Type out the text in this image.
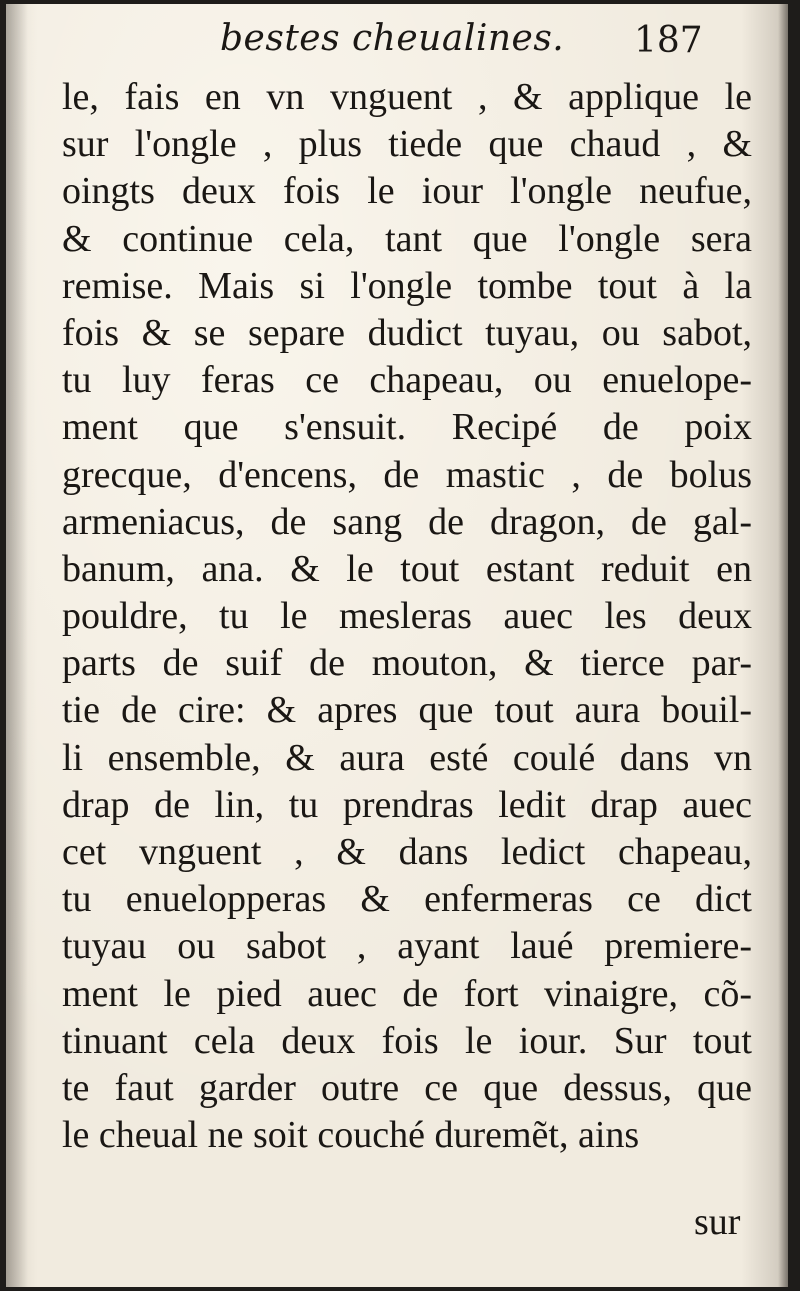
bestes cheualines. 187
le, fais en vn vnguent , & applique le
sur l'ongle , plus tiede que chaud , &
oingts deux fois le iour l'ongle neufue,
& continue cela, tant que l'ongle sera
remise. Mais si l'ongle tombe tout à la
fois & se separe dudict tuyau, ou sabot,
tu luy feras ce chapeau, ou enuelope-
ment que s'ensuit. Recipé de poix
grecque, d'encens, de mastic , de bolus
armeniacus, de sang de dragon, de gal-
banum, ana. & le tout estant reduit en
pouldre, tu le mesleras auec les deux
parts de suif de mouton, & tierce par-
tie de cire: & apres que tout aura bouil-
li ensemble, & aura esté coulé dans vn
drap de lin, tu prendras ledit drap auec
cet vnguent , & dans ledict chapeau,
tu enuelopperas & enfermeras ce dict
tuyau ou sabot , ayant laué premiere-
ment le pied auec de fort vinaigre, cõ-
tinuant cela deux fois le iour. Sur tout
te faut garder outre ce que dessus, que
le cheual ne soit couché duremẽt, ains
sur
